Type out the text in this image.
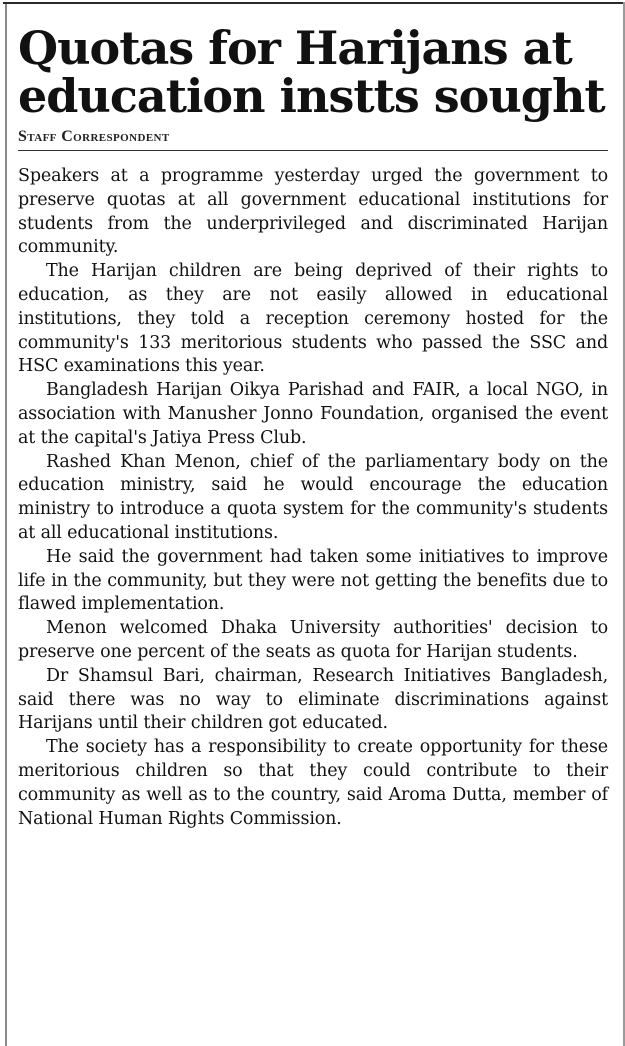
Quotas for Harijans at
education instts sought
Staff Correspondent

Speakers at a programme yesterday urged the government to preserve quotas at all government educational institutions for students from the underprivileged and discriminated Harijan community.

The Harijan children are being deprived of their rights to education, as they are not easily allowed in educational institutions, they told a reception ceremony hosted for the community's 133 meritorious students who passed the SSC and HSC examinations this year.

Bangladesh Harijan Oikya Parishad and FAIR, a local NGO, in association with Manusher Jonno Foundation, organised the event at the capital's Jatiya Press Club.

Rashed Khan Menon, chief of the parliamentary body on the education ministry, said he would encourage the education ministry to introduce a quota system for the community's students at all educational institutions.

He said the government had taken some initiatives to improve life in the community, but they were not getting the benefits due to flawed implementation.

Menon welcomed Dhaka University authorities' decision to preserve one percent of the seats as quota for Harijan students.

Dr Shamsul Bari, chairman, Research Initiatives Bangladesh, said there was no way to eliminate discriminations against Harijans until their children got educated.

The society has a responsibility to create opportunity for these meritorious children so that they could contribute to their community as well as to the country, said Aroma Dutta, member of National Human Rights Commission.
